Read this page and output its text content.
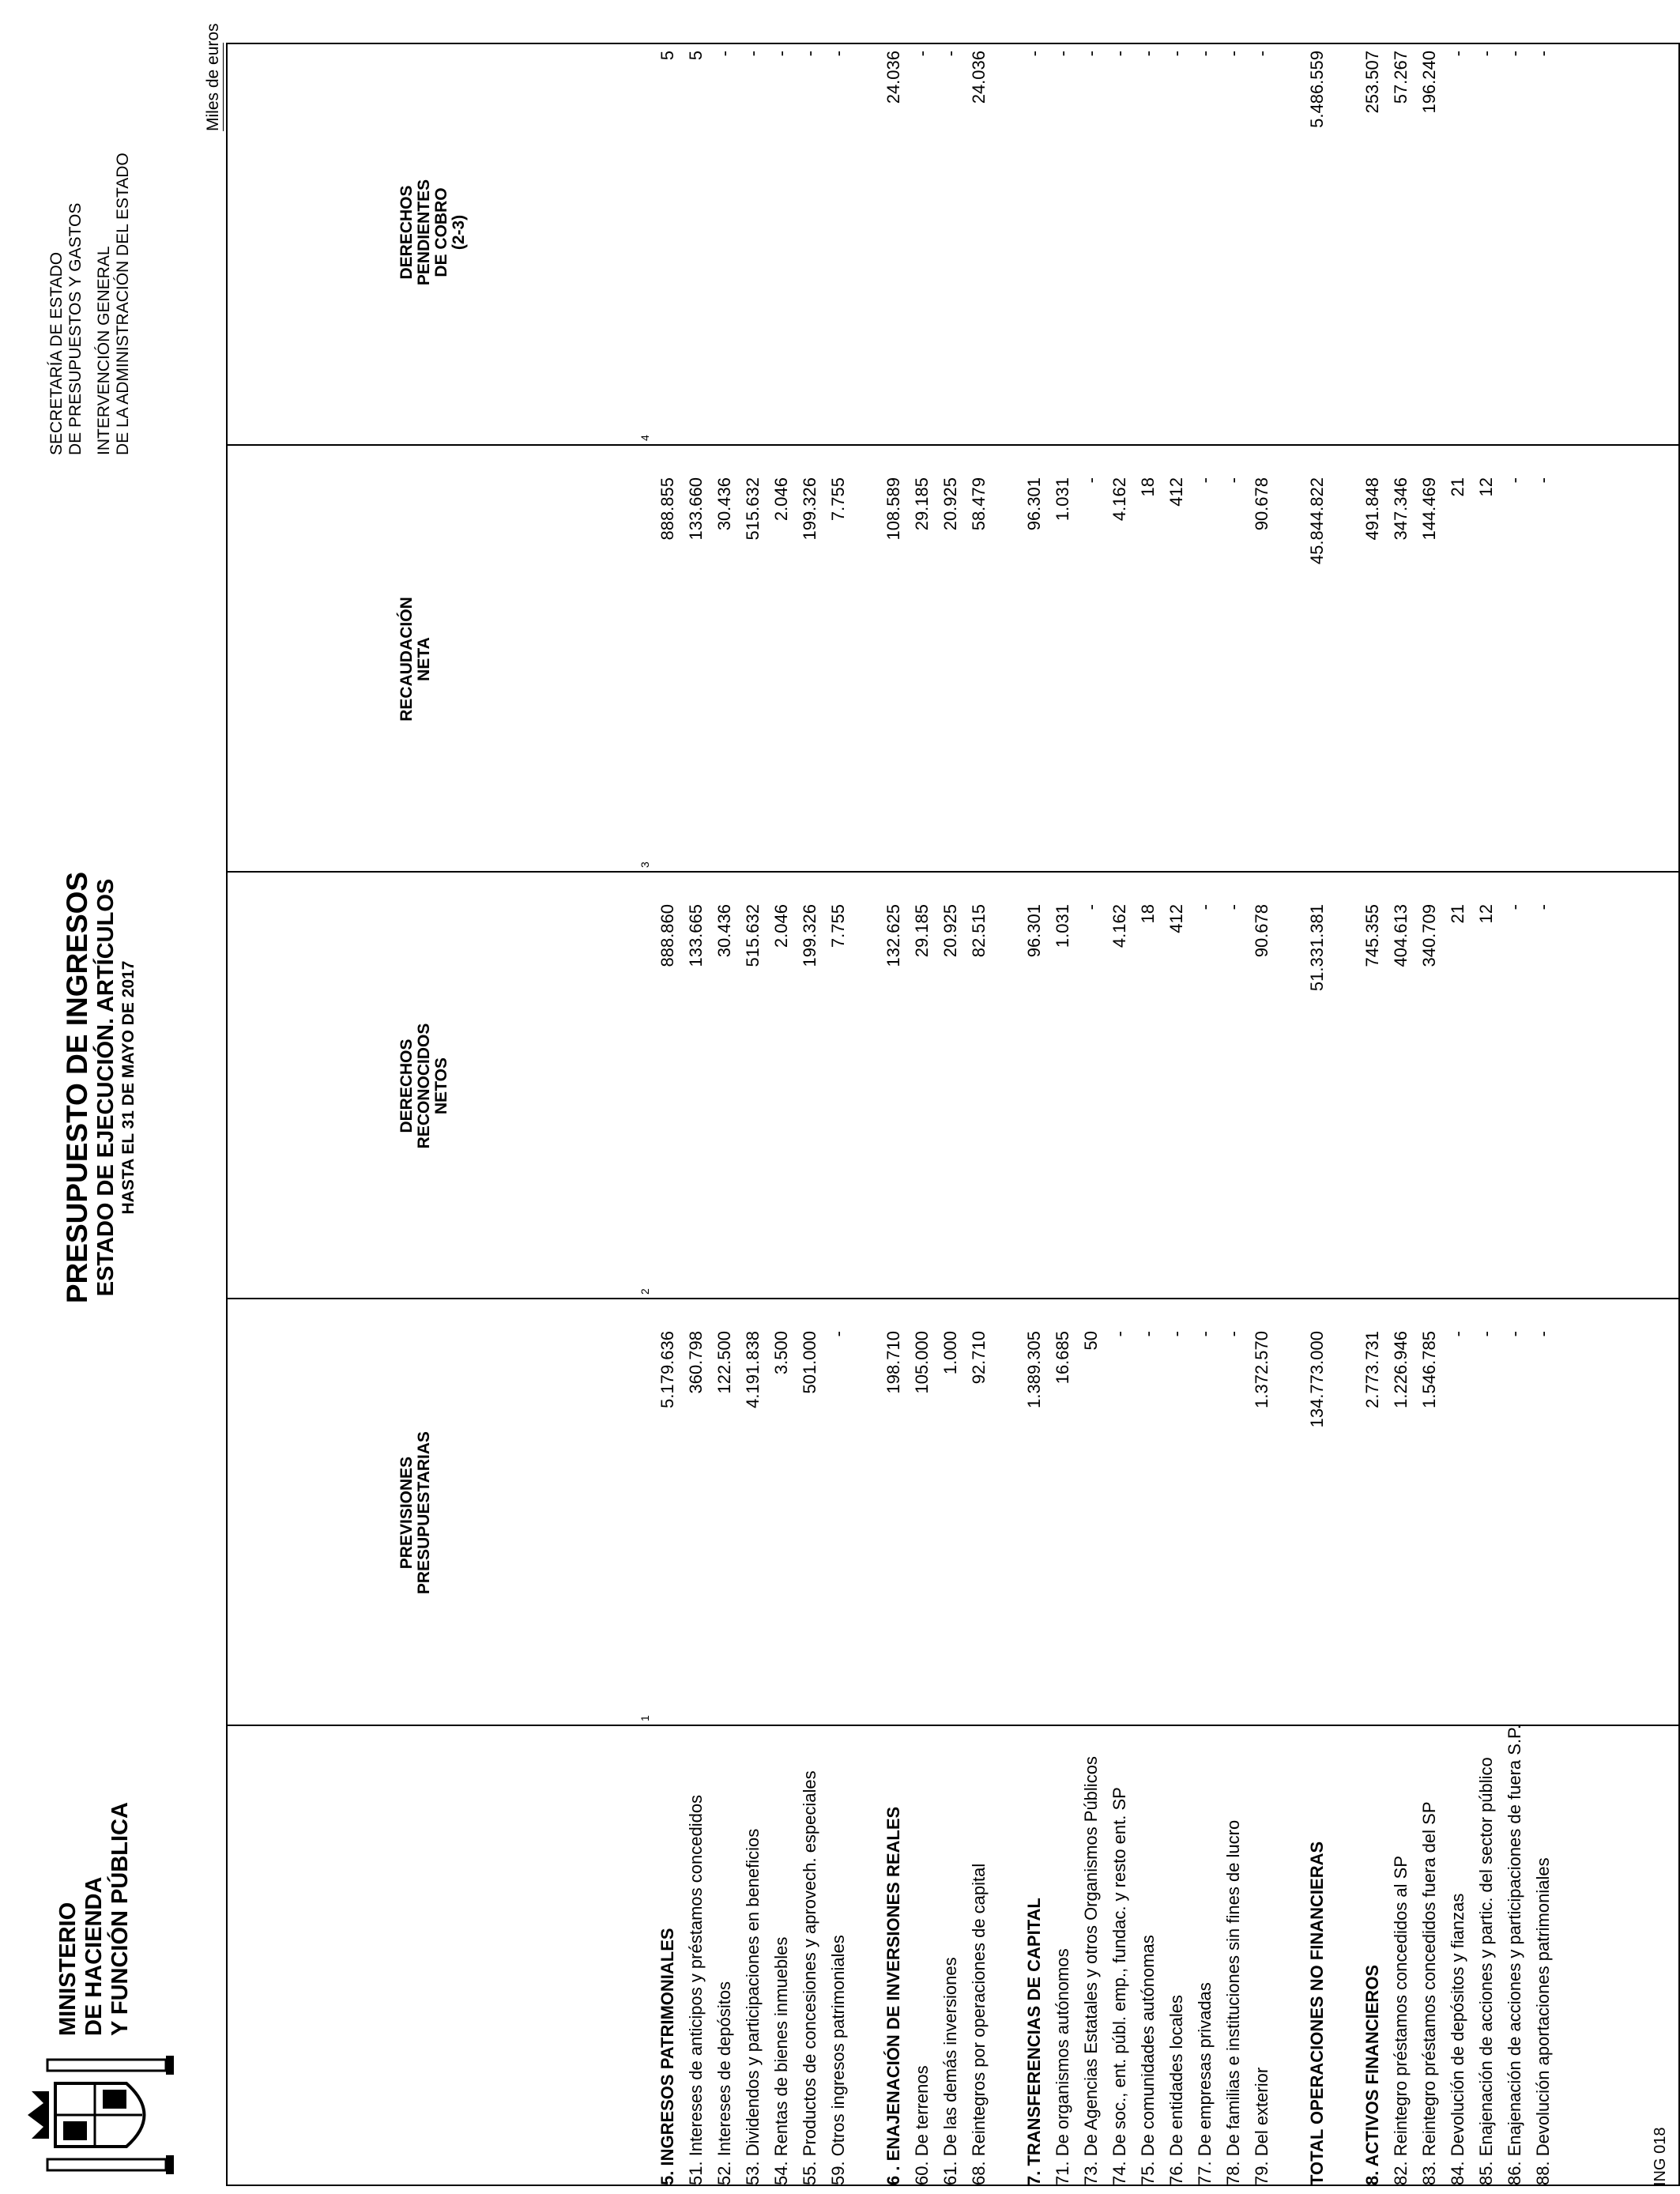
MINISTERIO DE HACIENDA Y FUNCIÓN PÚBLICA
PRESUPUESTO DE INGRESOS ESTADO DE EJECUCIÓN. ARTÍCULOS HASTA EL 31 DE MAYO DE 2017
SECRETARÍA DE ESTADO DE PRESUPUESTOS Y GASTOS INTERVENCIÓN GENERAL DE LA ADMINISTRACIÓN DEL ESTADO
Miles de euros
ING 018
PREVISIONES PRESUPUESTARIAS
1
DERECHOS RECONOCIDOS NETOS
2
RECAUDACIÓN NETA
3
DERECHOS PENDIENTES DE COBRO (2-3)
4
5. INGRESOS PATRIMONIALES
5.179.636
888.860
888.855
5
51. Intereses de anticipos y préstamos concedidos
360.798
133.665
133.660
5
52. Intereses de depósitos
122.500
30.436
30.436
-
53. Dividendos y participaciones en beneficios
4.191.838
515.632
515.632
-
54. Rentas de bienes inmuebles
3.500
2.046
2.046
-
55. Productos de concesiones y aprovech. especiales
501.000
199.326
199.326
-
59. Otros ingresos patrimoniales
-
7.755
7.755
-
6 . ENAJENACIÓN DE INVERSIONES REALES
198.710
132.625
108.589
24.036
60. De terrenos
105.000
29.185
29.185
-
61. De las demás inversiones
1.000
20.925
20.925
-
68. Reintegros por operaciones de capital
92.710
82.515
58.479
24.036
7. TRANSFERENCIAS DE CAPITAL
1.389.305
96.301
96.301
-
71. De organismos autónomos
16.685
1.031
1.031
-
73. De Agencias Estatales y otros Organismos Públicos
50
-
-
-
74. De soc., ent. públ. emp., fundac. y resto ent. SP
-
4.162
4.162
-
75. De comunidades autónomas
-
18
18
-
76. De entidades locales
-
412
412
-
77. De empresas privadas
-
-
-
-
78. De familias e instituciones sin fines de lucro
-
-
-
-
79. Del exterior
1.372.570
90.678
90.678
-
TOTAL OPERACIONES NO FINANCIERAS
134.773.000
51.331.381
45.844.822
5.486.559
8. ACTIVOS FINANCIEROS
2.773.731
745.355
491.848
253.507
82. Reintegro préstamos concedidos al SP
1.226.946
404.613
347.346
57.267
83. Reintegro préstamos concedidos fuera del SP
1.546.785
340.709
144.469
196.240
84. Devolución de depósitos y fianzas
-
21
21
-
85. Enajenación de acciones y partic. del sector público
-
12
12
-
86. Enajenación de acciones y participaciones de fuera S.P.
-
-
-
-
88. Devolución aportaciones patrimoniales
-
-
-
-
